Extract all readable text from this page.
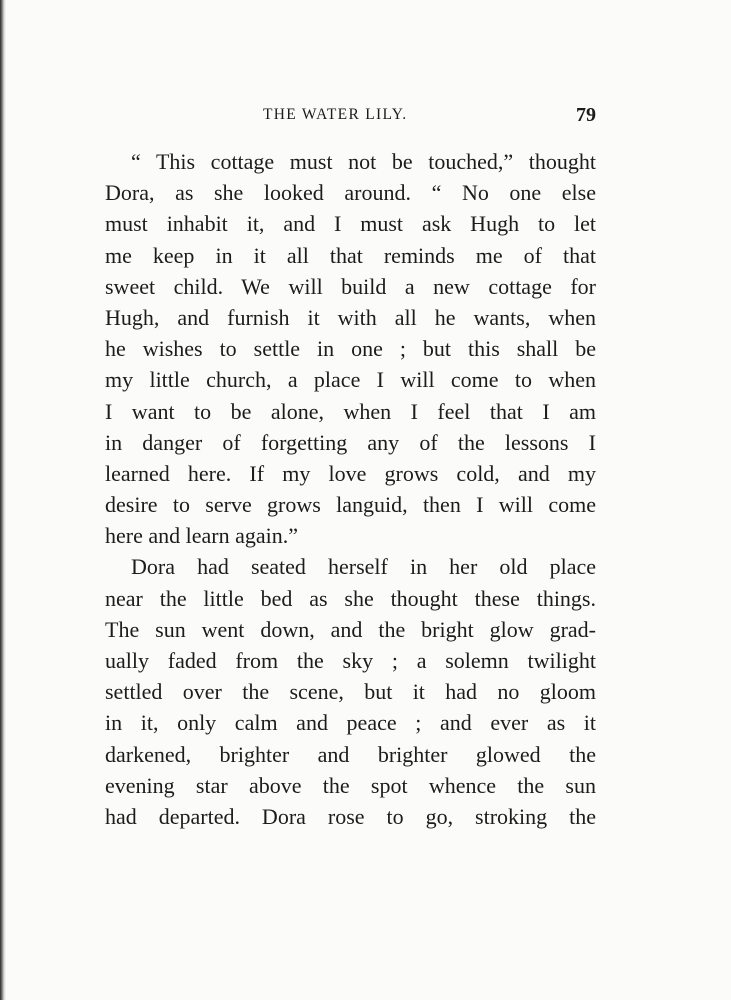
THE WATER LILY.	79
“ This cottage must not be touched,” thought
Dora, as she looked around. “ No one else
must inhabit it, and I must ask Hugh to let
me keep in it all that reminds me of that
sweet child. We will build a new cottage for
Hugh, and furnish it with all he wants, when
he wishes to settle in one ; but this shall be
my little church, a place I will come to when
I want to be alone, when I feel that I am
in danger of forgetting any of the lessons I
learned here. If my love grows cold, and my
desire to serve grows languid, then I will come
here and learn again.”
Dora had seated herself in her old place
near the little bed as she thought these things.
The sun went down, and the bright glow grad-
ually faded from the sky ; a solemn twilight
settled over the scene, but it had no gloom
in it, only calm and peace ; and ever as it
darkened, brighter and brighter glowed the
evening star above the spot whence the sun
had departed. Dora rose to go, stroking the
